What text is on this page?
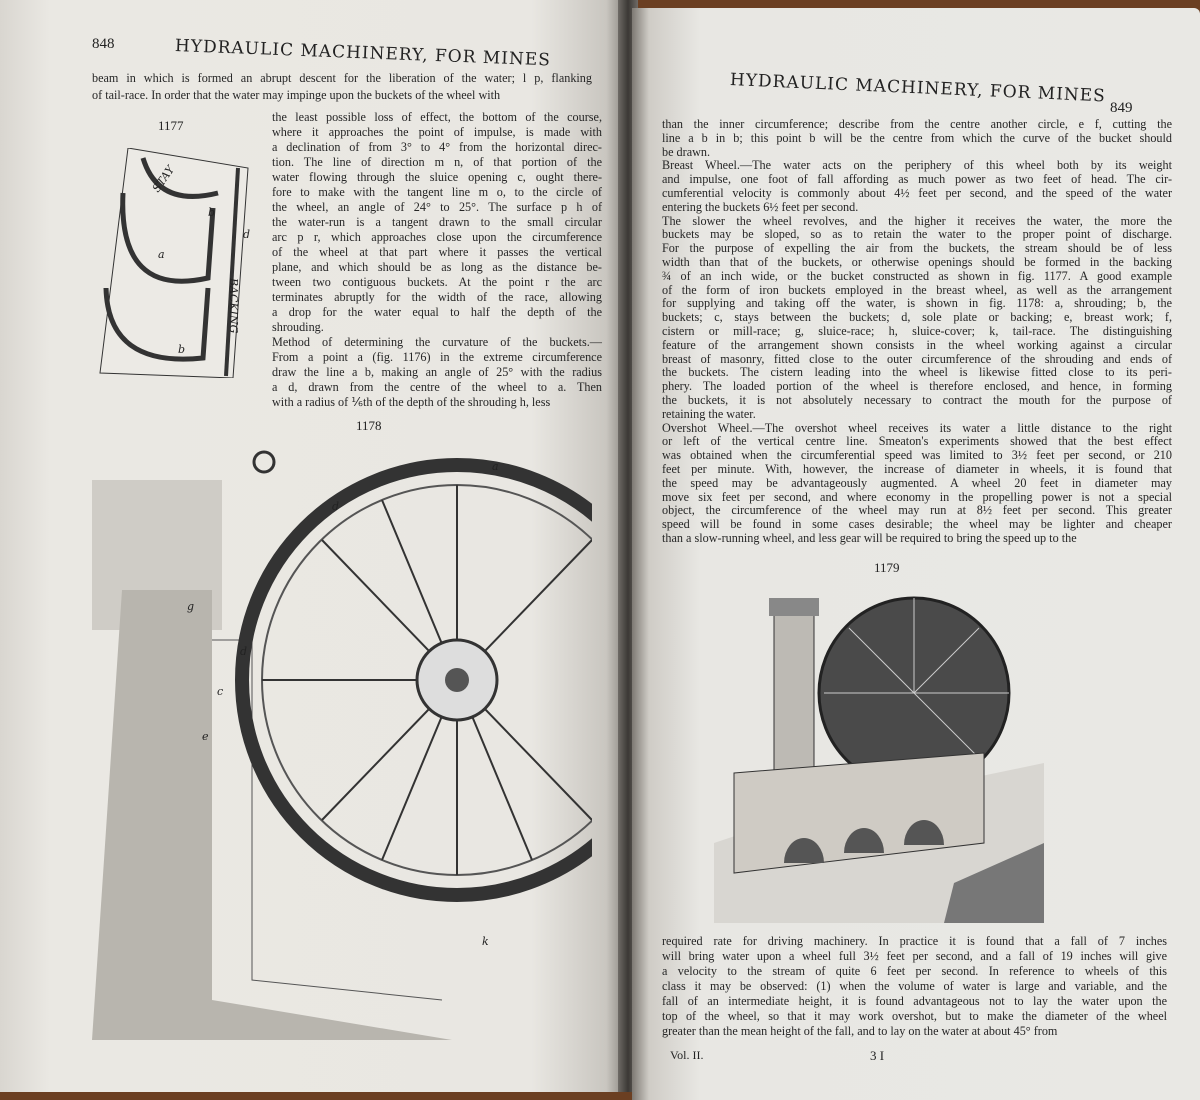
848	HYDRAULIC MACHINERY, FOR MINES
beam in which is formed an abrupt descent for the liberation of the water; l p, flanking
of tail-race. In order that the water may impinge upon the buckets of the wheel with
the least possible loss of effect, the bottom of the course,
where it approaches the point of impulse, is made with
a declination of from 3° to 4° from the horizontal direc-
tion. The line of direction m n, of that portion of the
water flowing through the sluice opening c, ought there-
fore to make with the tangent line m o, to the circle of
the wheel, an angle of 24° to 25°. The surface p h of
the water-run is a tangent drawn to the small circular
arc p r, which approaches close upon the circumference
of the wheel at that part where it passes the vertical
plane, and which should be as long as the distance be-
tween two contiguous buckets. At the point r the arc
terminates abruptly for the width of the race, allowing
a drop for the water equal to half the depth of the
shrouding.
Method of determining the curvature of the buckets.—
From a point a (fig. 1176) in the extreme circumference
draw the line a b, making an angle of 25° with the radius
a d, drawn from the centre of the wheel to a. Then
with a radius of ⅙th of the depth of the shrouding h, less
1177
STAY
b
d
a
BACKING
b
1178
a
d
g
d
e
c
k
HYDRAULIC MACHINERY, FOR MINES
849
than the inner circumference; describe from the centre another circle, e f, cutting the
line a b in b; this point b will be the centre from which the curve of the bucket should
be drawn.
Breast Wheel.—The water acts on the periphery of this wheel both by its weight
and impulse, one foot of fall affording as much power as two feet of head. The cir-
cumferential velocity is commonly about 4½ feet per second, and the speed of the water
entering the buckets 6½ feet per second.
The slower the wheel revolves, and the higher it receives the water, the more the
buckets may be sloped, so as to retain the water to the proper point of discharge.
For the purpose of expelling the air from the buckets, the stream should be of less
width than that of the buckets, or otherwise openings should be formed in the backing
¾ of an inch wide, or the bucket constructed as shown in fig. 1177. A good example
of the form of iron buckets employed in the breast wheel, as well as the arrangement
for supplying and taking off the water, is shown in fig. 1178: a, shrouding; b, the
buckets; c, stays between the buckets; d, sole plate or backing; e, breast work; f,
cistern or mill-race; g, sluice-race; h, sluice-cover; k, tail-race. The distinguishing
feature of the arrangement shown consists in the wheel working against a circular
breast of masonry, fitted close to the outer circumference of the shrouding and ends of
the buckets. The cistern leading into the wheel is likewise fitted close to its peri-
phery. The loaded portion of the wheel is therefore enclosed, and hence, in forming
the buckets, it is not absolutely necessary to contract the mouth for the purpose of
retaining the water.
Overshot Wheel.—The overshot wheel receives its water a little distance to the right
or left of the vertical centre line. Smeaton's experiments showed that the best effect
was obtained when the circumferential speed was limited to 3½ feet per second, or 210
feet per minute. With, however, the increase of diameter in wheels, it is found that
the speed may be advantageously augmented. A wheel 20 feet in diameter may
move six feet per second, and where economy in the propelling power is not a special
object, the circumference of the wheel may run at 8½ feet per second. This greater
speed will be found in some cases desirable; the wheel may be lighter and cheaper
than a slow-running wheel, and less gear will be required to bring the speed up to the
1179
required rate for driving machinery. In practice it is found that a fall of 7 inches
will bring water upon a wheel full 3½ feet per second, and a fall of 19 inches will give
a velocity to the stream of quite 6 feet per second. In reference to wheels of this
class it may be observed: (1) when the volume of water is large and variable, and the
fall of an intermediate height, it is found advantageous not to lay the water upon the
top of the wheel, so that it may work overshot, but to make the diameter of the wheel
greater than the mean height of the fall, and to lay on the water at about 45° from
Vol. II.	3 I
